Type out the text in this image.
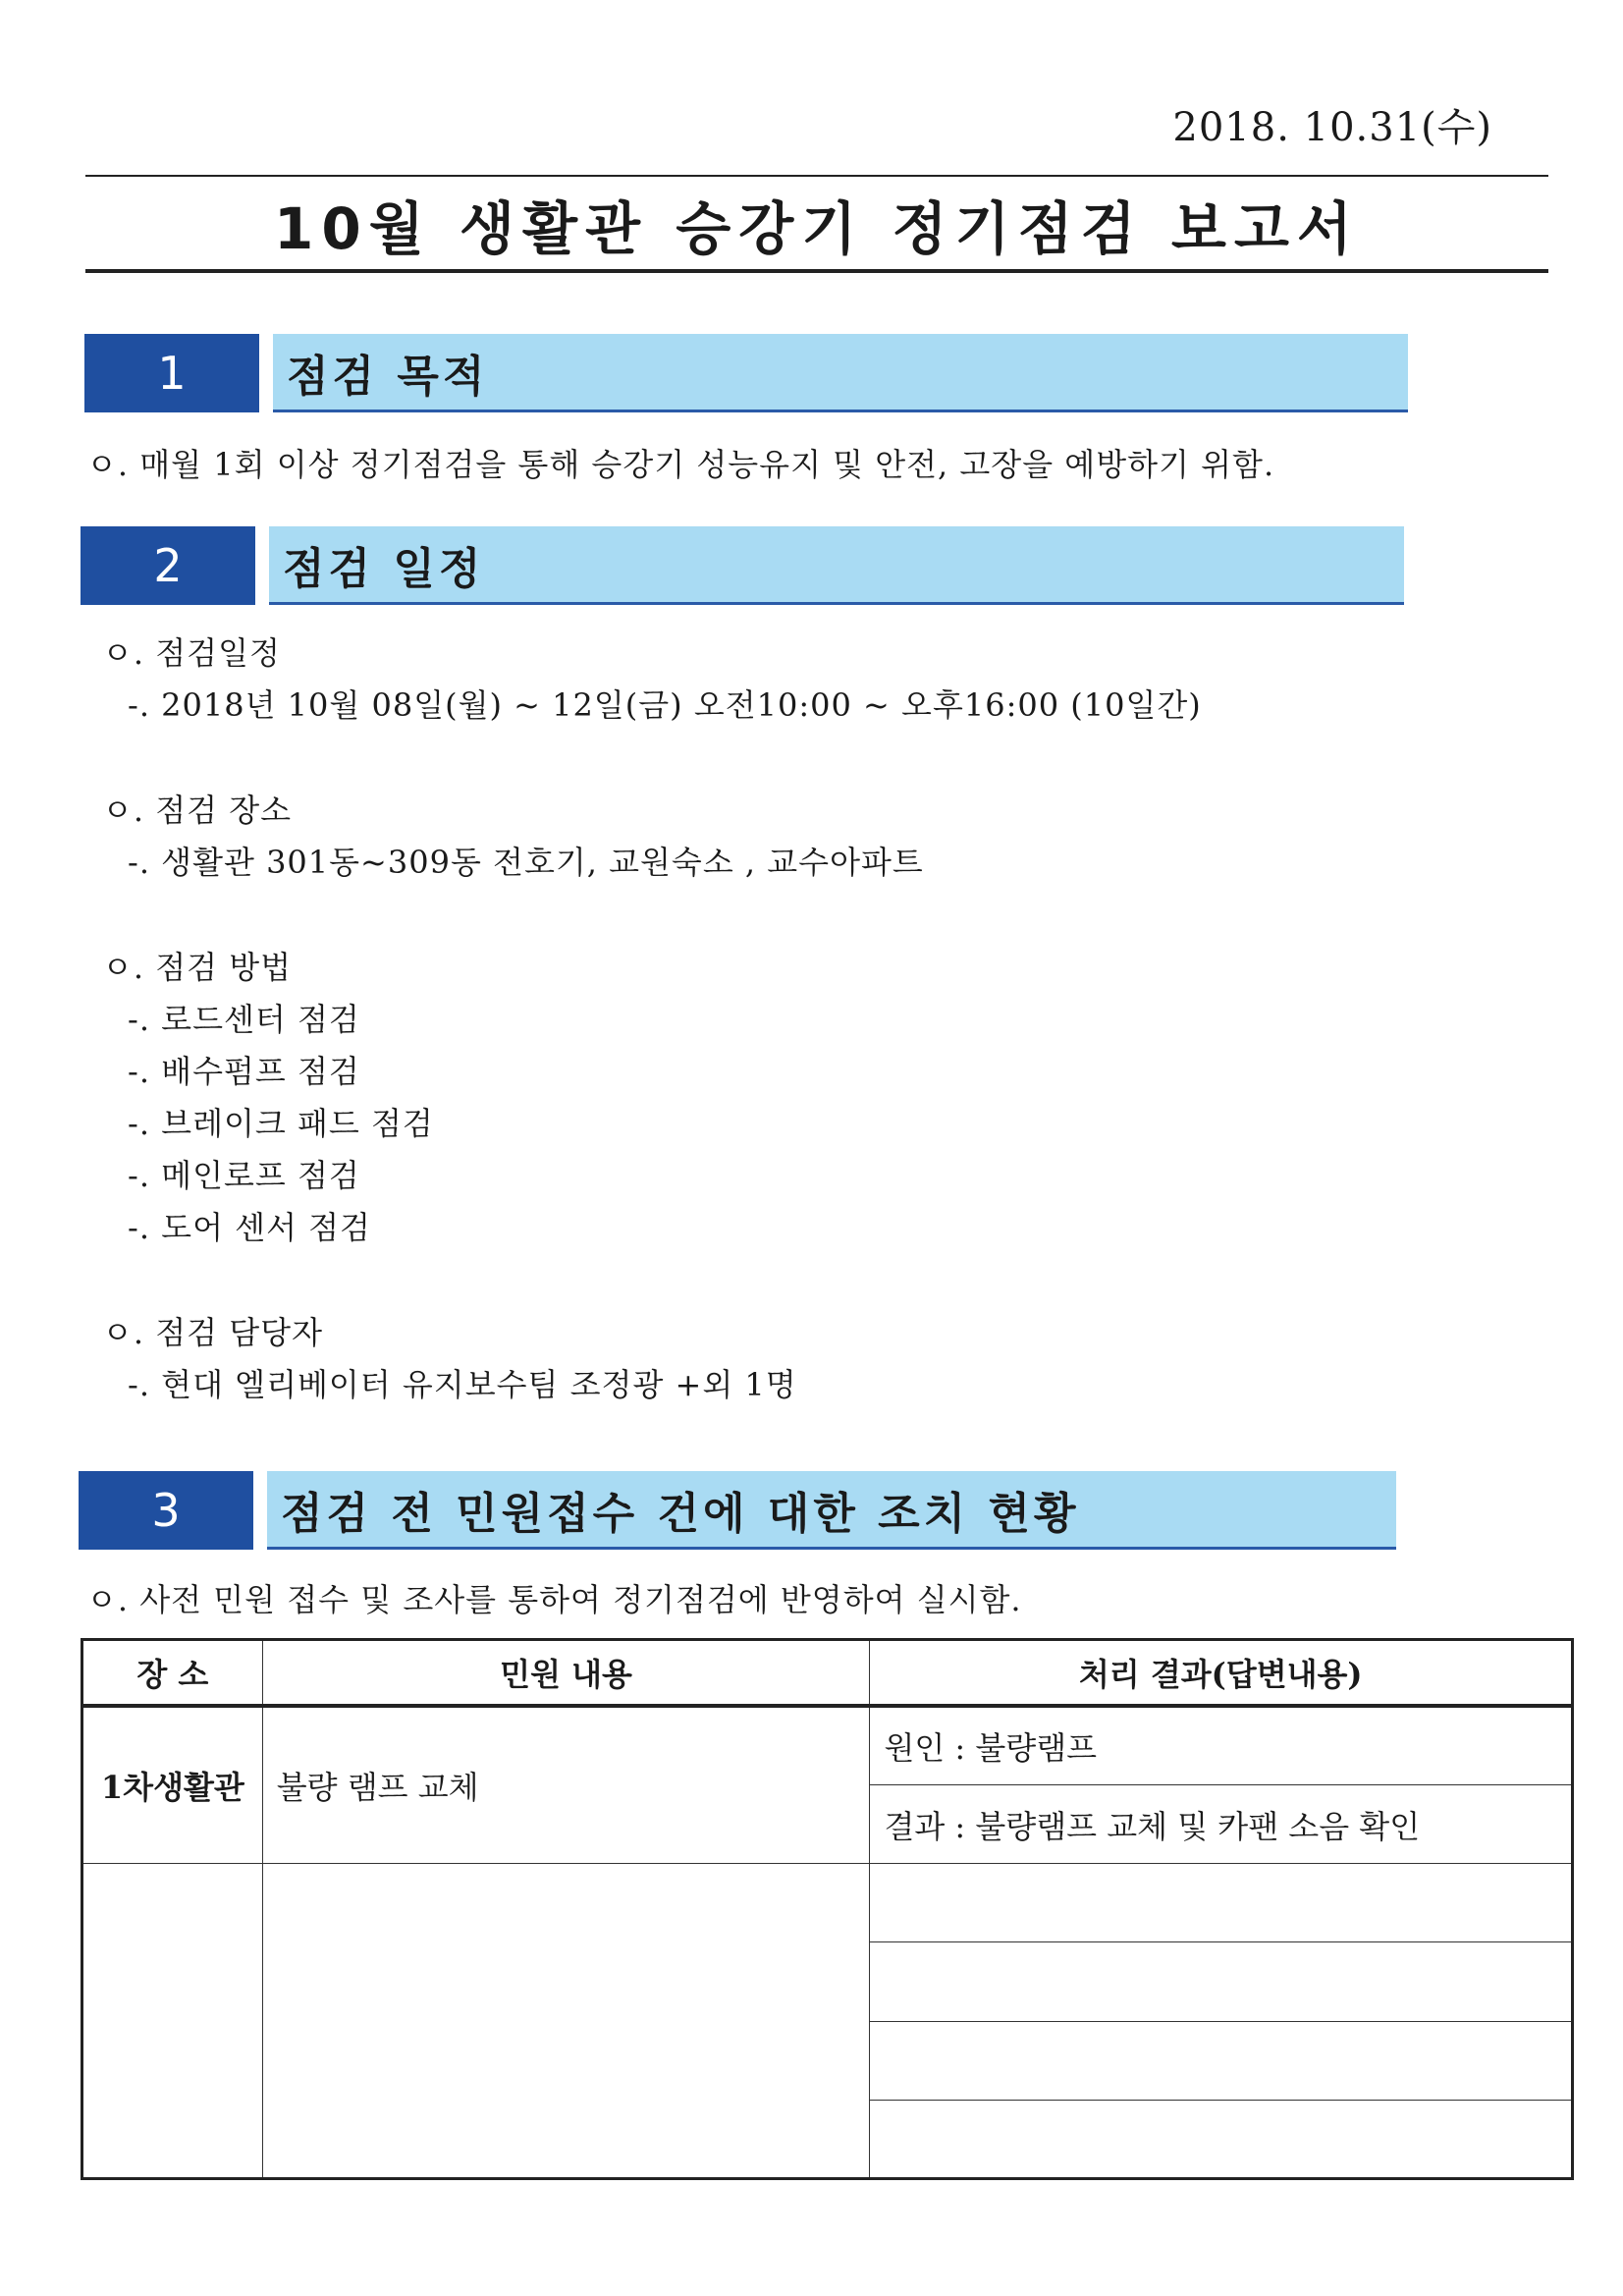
2018. 10.31(수)
10월 생활관 승강기 정기점검 보고서
1	점검 목적
ㅇ. 매월 1회 이상 정기점검을 통해 승강기 성능유지 및 안전, 고장을 예방하기 위함.
2	점검 일정
ㅇ. 점검일정
-. 2018년 10월 08일(월) ~ 12일(금) 오전10:00 ~ 오후16:00 (10일간)
ㅇ. 점검 장소
-. 생활관 301동~309동 전호기, 교원숙소 , 교수아파트
ㅇ. 점검 방법
-. 로드센터 점검
-. 배수펌프 점검
-. 브레이크 패드 점검
-. 메인로프 점검
-. 도어 센서 점검
ㅇ. 점검 담당자
-. 현대 엘리베이터 유지보수팀 조정광 +외 1명
3	점검 전 민원접수 건에 대한 조치 현황
ㅇ. 사전 민원 접수 및 조사를 통하여 정기점검에 반영하여 실시함.
장 소	민원 내용	처리 결과(답변내용)
1차생활관	불량 램프 교체	원인 : 불량램프
		결과 : 불량램프 교체 및 카팬 소음 확인
